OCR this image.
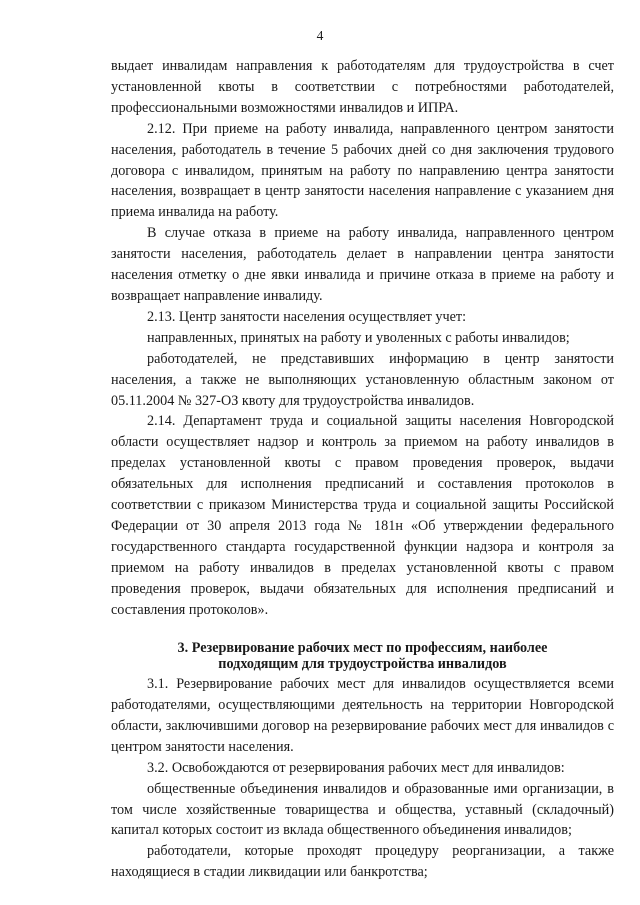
4

выдает инвалидам направления к работодателям для трудоустройства в счет установленной квоты в соответствии с потребностями работодателей, профессиональными возможностями инвалидов и ИПРА.

2.12. При приеме на работу инвалида, направленного центром занятости населения, работодатель в течение 5 рабочих дней со дня заключения трудового договора с инвалидом, принятым на работу по направлению центра занятости населения, возвращает в центр занятости населения направление с указанием дня приема инвалида на работу.

В случае отказа в приеме на работу инвалида, направленного центром занятости населения, работодатель делает в направлении центра занятости населения отметку о дне явки инвалида и причине отказа в приеме на работу и возвращает направление инвалиду.

2.13. Центр занятости населения осуществляет учет:

направленных, принятых на работу и уволенных с работы инвалидов;

работодателей, не представивших информацию в центр занятости населения, а также не выполняющих установленную областным законом от 05.11.2004 № 327-ОЗ квоту для трудоустройства инвалидов.

2.14. Департамент труда и социальной защиты населения Новгородской области осуществляет надзор и контроль за приемом на работу инвалидов в пределах установленной квоты с правом проведения проверок, выдачи обязательных для исполнения предписаний и составления протоколов в соответствии с приказом Министерства труда и социальной защиты Российской Федерации от 30 апреля 2013 года № 181н «Об утверждении федерального государственного стандарта государственной функции надзора и контроля за приемом на работу инвалидов в пределах установленной квоты с правом проведения проверок, выдачи обязательных для исполнения предписаний и составления протоколов».

3. Резервирование рабочих мест по профессиям, наиболее
подходящим для трудоустройства инвалидов

3.1. Резервирование рабочих мест для инвалидов осуществляется всеми работодателями, осуществляющими деятельность на территории Новгородской области, заключившими договор на резервирование рабочих мест для инвалидов с центром занятости населения.

3.2. Освобождаются от резервирования рабочих мест для инвалидов:

общественные объединения инвалидов и образованные ими организации, в том числе хозяйственные товарищества и общества, уставный (складочный) капитал которых состоит из вклада общественного объединения инвалидов;

работодатели, которые проходят процедуру реорганизации, а также находящиеся в стадии ликвидации или банкротства;
